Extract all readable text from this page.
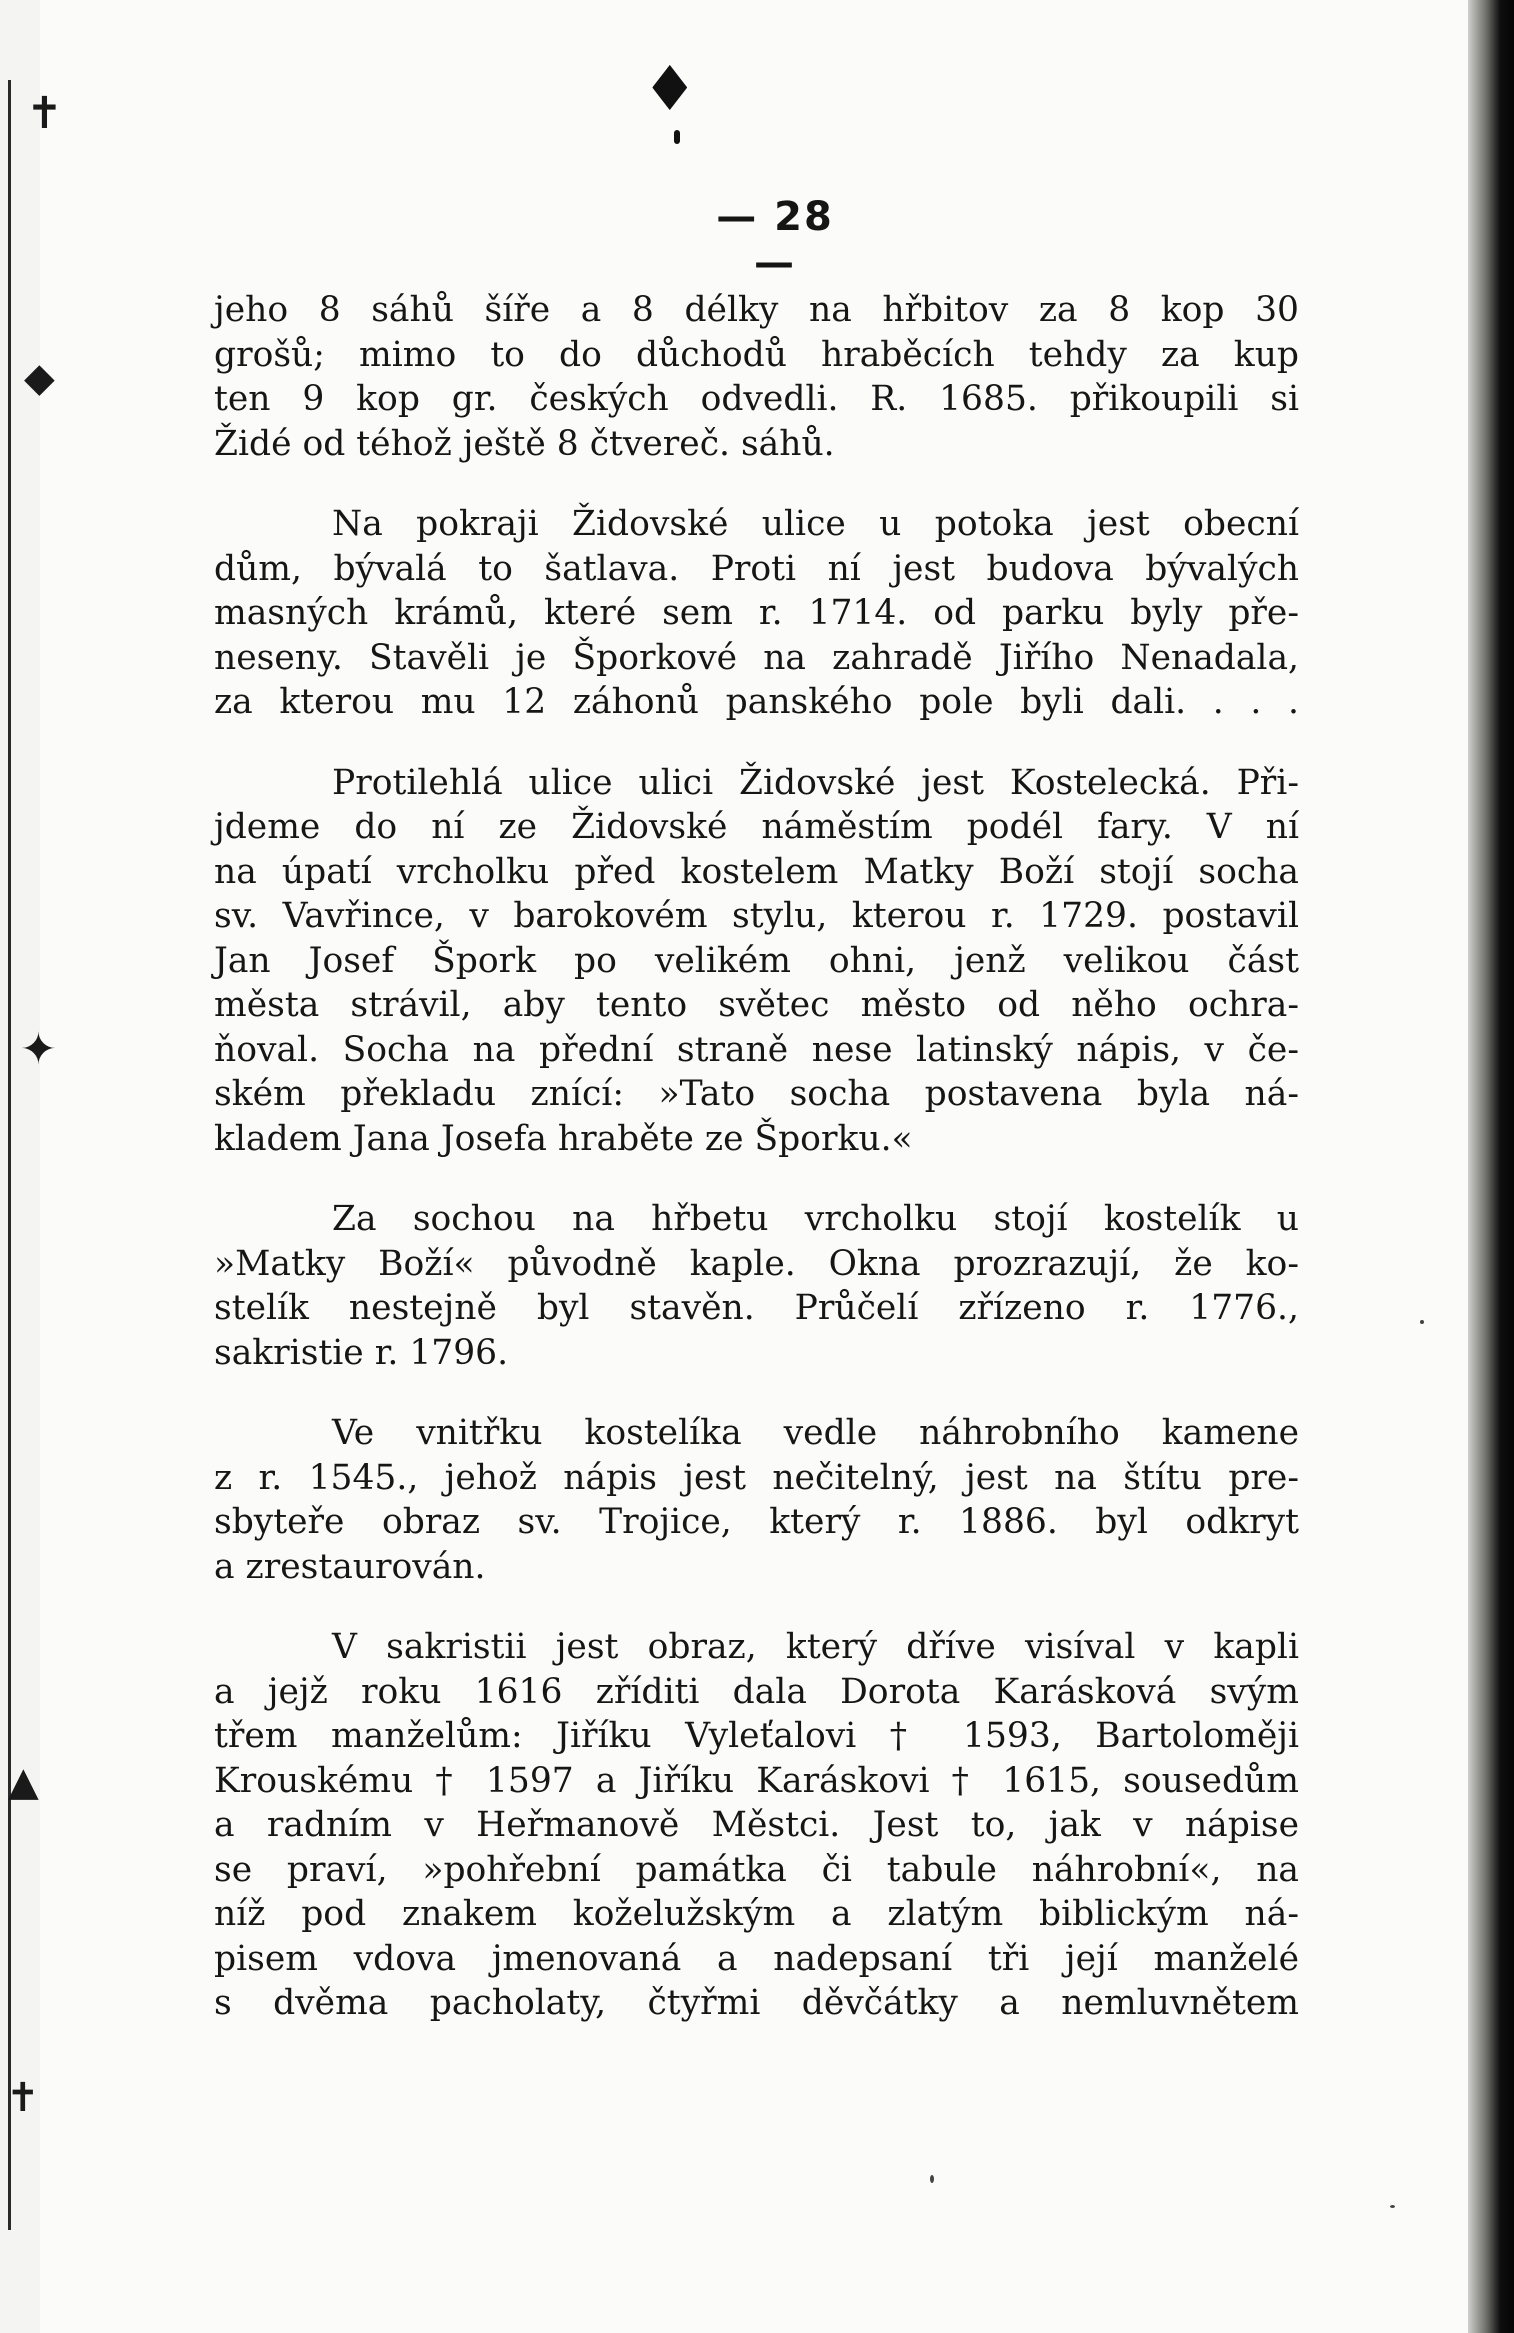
✝
◆
✦
▲
✝
♦
— 28 —
jeho 8 sáhů šíře a 8 délky na hřbitov za 8 kop 30
grošů; mimo to do důchodů hraběcích tehdy za kup
ten 9 kop gr. českých odvedli. R. 1685. přikoupili si
Židé od téhož ještě 8 čtvereč. sáhů.
Na pokraji Židovské ulice u potoka jest obecní
dům, bývalá to šatlava. Proti ní jest budova bývalých
masných krámů, které sem r. 1714. od parku byly pře-
neseny. Stavěli je Šporkové na zahradě Jiřího Nenadala,
za kterou mu 12 záhonů panského pole byli dali. . . .
Protilehlá ulice ulici Židovské jest Kostelecká. Při-
jdeme do ní ze Židovské náměstím podél fary. V ní
na úpatí vrcholku před kostelem Matky Boží stojí socha
sv. Vavřince, v barokovém stylu, kterou r. 1729. postavil
Jan Josef Špork po velikém ohni, jenž velikou část
města strávil, aby tento světec město od něho ochra-
ňoval. Socha na přední straně nese latinský nápis, v če-
ském překladu znící: »Tato socha postavena byla ná-
kladem Jana Josefa hraběte ze Šporku.«
Za sochou na hřbetu vrcholku stojí kostelík u
»Matky Boží« původně kaple. Okna prozrazují, že ko-
stelík nestejně byl stavěn. Průčelí zřízeno r. 1776.,
sakristie r. 1796.
Ve vnitřku kostelíka vedle náhrobního kamene
z r. 1545., jehož nápis jest nečitelný, jest na štítu pre-
sbyteře obraz sv. Trojice, který r. 1886. byl odkryt
a zrestaurován.
V sakristii jest obraz, který dříve visíval v kapli
a jejž roku 1616 zříditi dala Dorota Karásková svým
třem manželům: Jiříku Vyleťalovi † 1593, Bartoloměji
Krouskému † 1597 a Jiříku Karáskovi † 1615, sousedům
a radním v Heřmanově Městci. Jest to, jak v nápise
se praví, »pohřební památka či tabule náhrobní«, na
níž pod znakem koželužským a zlatým biblickým ná-
pisem vdova jmenovaná a nadepsaní tři její manželé
s dvěma pacholaty, čtyřmi děvčátky a nemluvnětem
